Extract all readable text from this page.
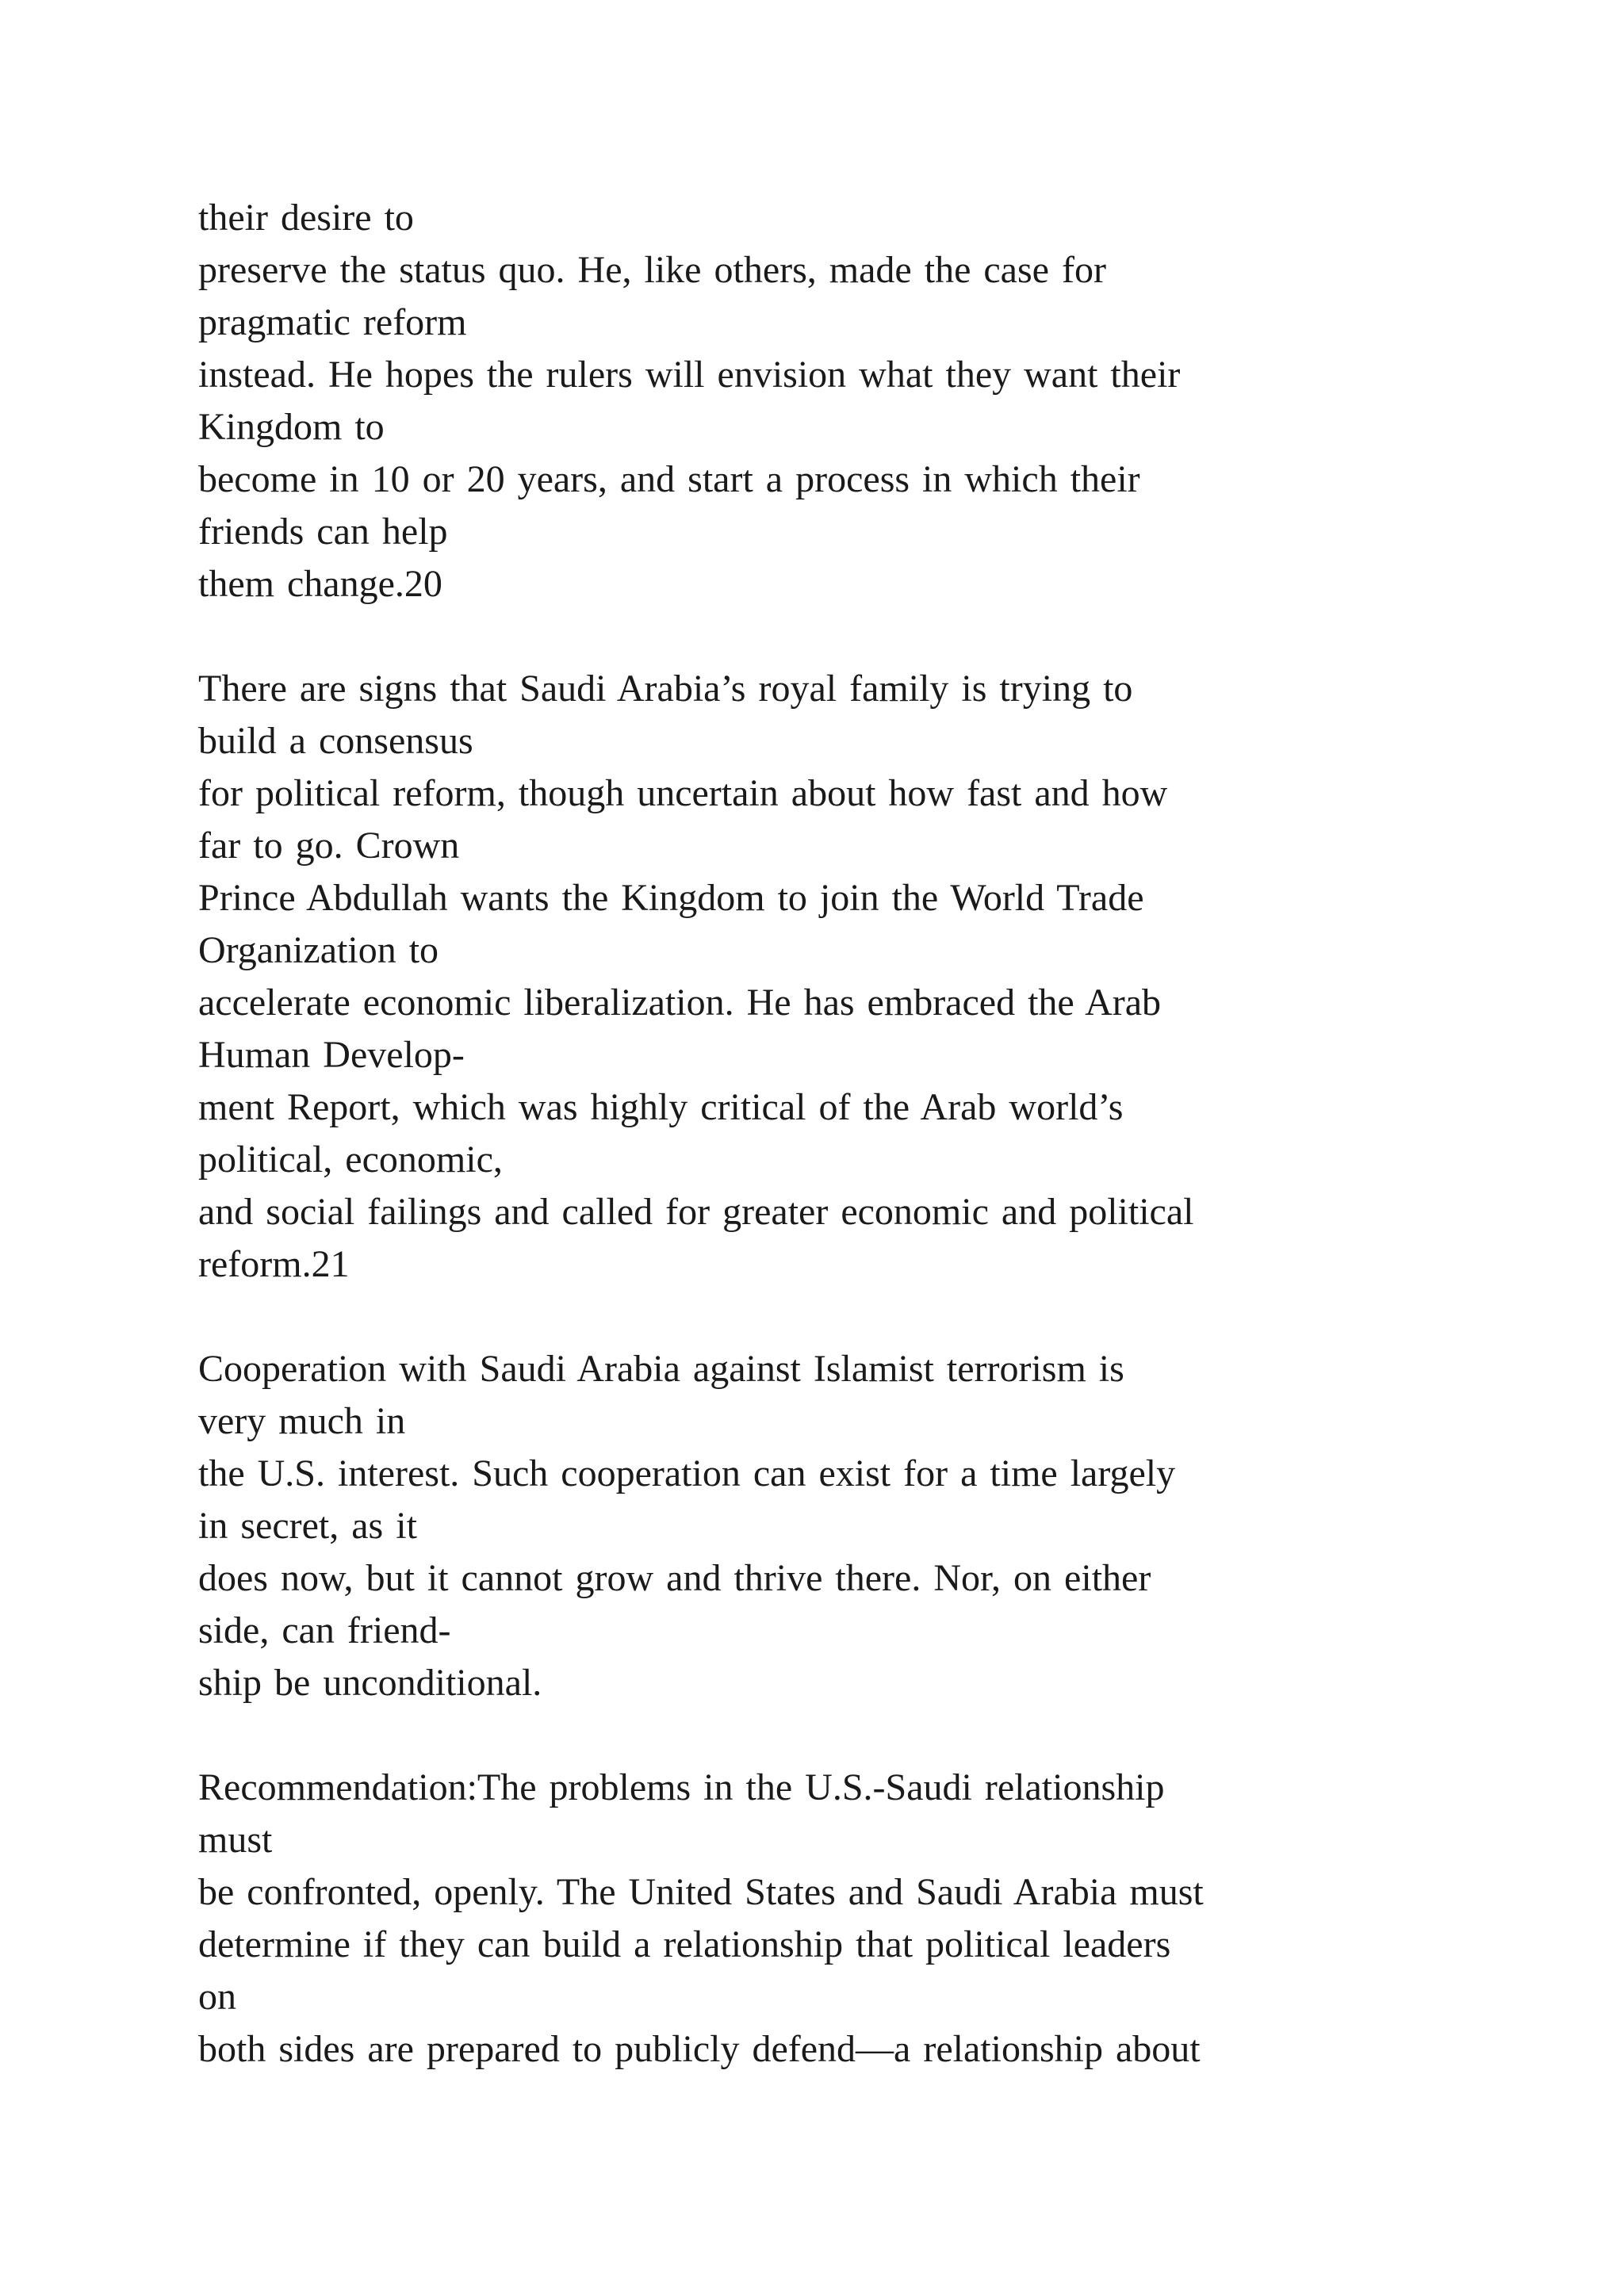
their desire to
preserve the status quo. He, like others, made the case for
pragmatic reform
instead. He hopes the rulers will envision what they want their
Kingdom to
become in 10 or 20 years, and start a process in which their
friends can help
them change.20
There are signs that Saudi Arabia’s royal family is trying to
build a consensus
for political reform, though uncertain about how fast and how
far to go. Crown
Prince Abdullah wants the Kingdom to join the World Trade
Organization to
accelerate economic liberalization. He has embraced the Arab
Human Develop-
ment Report, which was highly critical of the Arab world’s
political, economic,
and social failings and called for greater economic and political
reform.21
Cooperation with Saudi Arabia against Islamist terrorism is
very much in
the U.S. interest. Such cooperation can exist for a time largely
in secret, as it
does now, but it cannot grow and thrive there. Nor, on either
side, can friend-
ship be unconditional.
Recommendation:The problems in the U.S.-Saudi relationship
must
be confronted, openly. The United States and Saudi Arabia must
determine if they can build a relationship that political leaders
on
both sides are prepared to publicly defend—a relationship about
